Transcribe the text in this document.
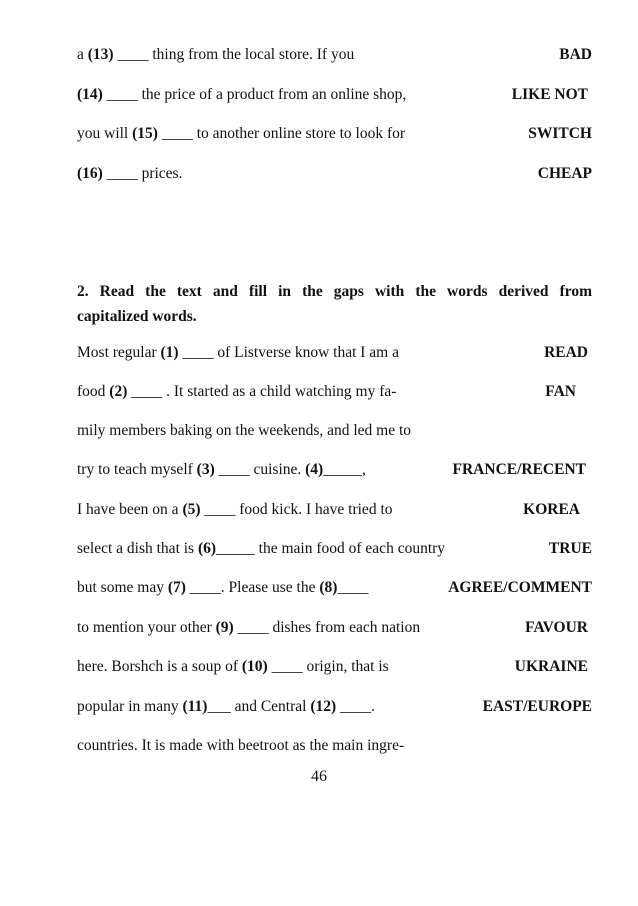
a (13) ____ thing from the local store. If you	BAD
(14) ____ the price of a product from an online shop,	LIKE NOT
you will (15) ____ to another online store to look for	SWITCH
(16) ____ prices.	CHEAP
2. Read the text and fill in the gaps with the words derived from
capitalized words.
Most regular (1) ____ of Listverse know that I am a	READ
food (2) ____ . It started as a child watching my fa-	FAN
mily members baking on the weekends, and led me to
try to teach myself (3) ____ cuisine. (4)_____,	FRANCE/RECENT
I have been on a (5) ____ food kick. I have tried to	KOREA
select a dish that is (6)_____ the main food of each country	TRUE
but some may (7) ____. Please use the (8)____	AGREE/COMMENT
to mention your other (9) ____ dishes from each nation	FAVOUR
here. Borshch is a soup of (10) ____ origin, that is	UKRAINE
popular in many (11)___ and Central (12) ____.	EAST/EUROPE
countries. It is made with beetroot as the main ingre-
46
